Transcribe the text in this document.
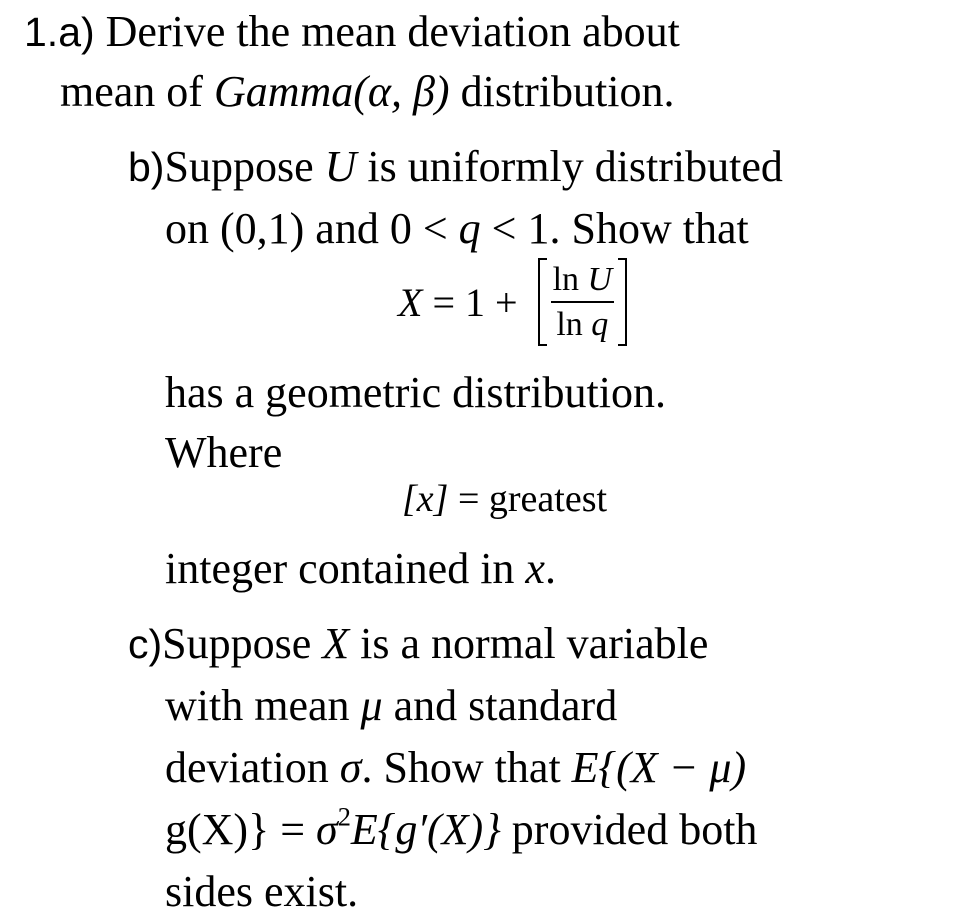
1.a) Derive the mean deviation about
mean of Gamma(α, β) distribution.
b)Suppose U is uniformly distributed
on (0,1) and 0 < q < 1. Show that
$X = 1 + \frac{\text{ln U}}{\text{ln q}}$
has a geometric distribution.
Where
[x] = greatest
integer contained in x.
c)Suppose X is a normal variable
with mean μ and standard
deviation σ. Show that E{(X − μ)
$g(X)\} = \sigma^2E\{g'(X)\}$ provided both
sides exist.
